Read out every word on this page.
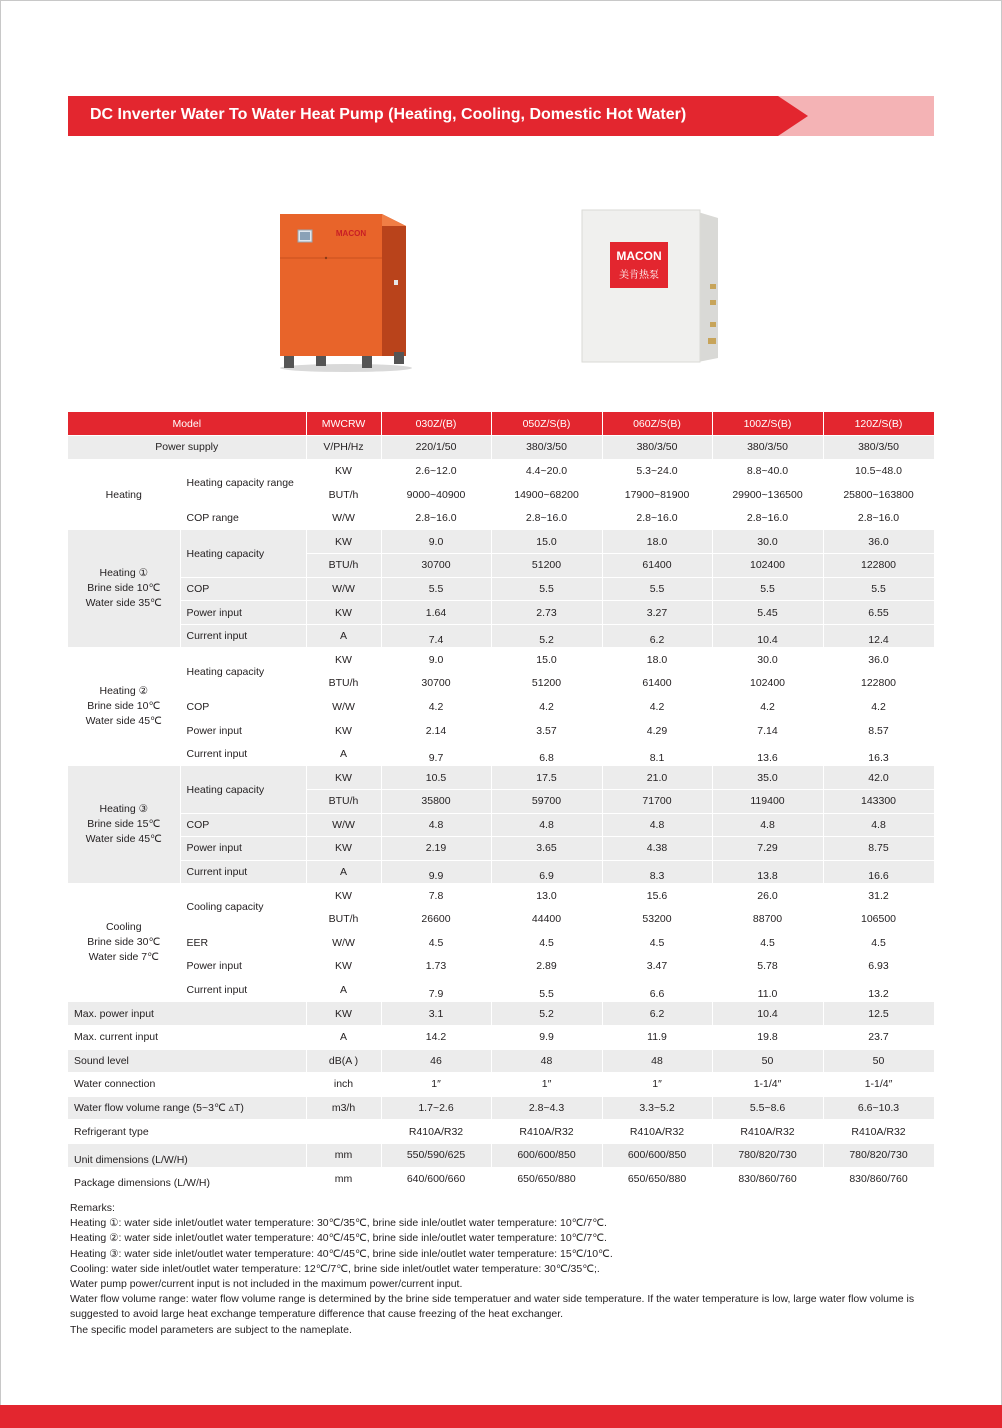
DC Inverter Water To Water Heat Pump (Heating, Cooling, Domestic Hot Water)
MACON
MACON
美肯热泵
Model		MWCRW	030Z/(B)	050Z/S(B)	060Z/S(B)	100Z/S(B)	120Z/S(B)
Power supply		V/PH/Hz	220/1/50	380/3/50	380/3/50	380/3/50	380/3/50
Heating	Heating capacity range	KW	2.6~12.0	4.4~20.0	5.3~24.0	8.8~40.0	10.5~48.0
		BUT/h	9000~40900	14900~68200	17900~81900	29900~136500	25800~163800
	COP range	W/W	2.8~16.0	2.8~16.0	2.8~16.0	2.8~16.0	2.8~16.0
Heating ①
Brine side 10℃
Water side 35℃	Heating capacity	KW	9.0	15.0	18.0	30.0	36.0
		BTU/h	30700	51200	61400	102400	122800
	COP	W/W	5.5	5.5	5.5	5.5	5.5
	Power input	KW	1.64	2.73	3.27	5.45	6.55
	Current input	A	7.4	5.2	6.2	10.4	12.4
Heating ②
Brine side 10℃
Water side 45℃	Heating capacity	KW	9.0	15.0	18.0	30.0	36.0
		BTU/h	30700	51200	61400	102400	122800
	COP	W/W	4.2	4.2	4.2	4.2	4.2
	Power input	KW	2.14	3.57	4.29	7.14	8.57
	Current input	A	9.7	6.8	8.1	13.6	16.3
Heating ③
Brine side 15℃
Water side 45℃	Heating capacity	KW	10.5	17.5	21.0	35.0	42.0
		BTU/h	35800	59700	71700	119400	143300
	COP	W/W	4.8	4.8	4.8	4.8	4.8
	Power input	KW	2.19	3.65	4.38	7.29	8.75
	Current input	A	9.9	6.9	8.3	13.8	16.6
Cooling
Brine side 30℃
Water side 7℃	Cooling capacity	KW	7.8	13.0	15.6	26.0	31.2
		BUT/h	26600	44400	53200	88700	106500
	EER	W/W	4.5	4.5	4.5	4.5	4.5
	Power input	KW	1.73	2.89	3.47	5.78	6.93
	Current input	A	7.9	5.5	6.6	11.0	13.2
Max. power input		KW	3.1	5.2	6.2	10.4	12.5
Max. current input		A	14.2	9.9	11.9	19.8	23.7
Sound level		dB(A )	46	48	48	50	50
Water connection		inch	1″	1″	1″	1-1/4″	1-1/4″
Water flow volume range (5~3℃ ▵T)		m3/h	1.7~2.6	2.8~4.3	3.3~5.2	5.5~8.6	6.6~10.3
Refrigerant type			R410A/R32	R410A/R32	R410A/R32	R410A/R32	R410A/R32
Unit dimensions (L/W/H)		mm	550/590/625	600/600/850	600/600/850	780/820/730	780/820/730
Package dimensions (L/W/H)		mm	640/600/660	650/650/880	650/650/880	830/860/760	830/860/760

Remarks:

Heating ①: water side inlet/outlet water temperature: 30℃/35℃, brine side inle/outlet water temperature: 10℃/7℃.

Heating ②: water side inlet/outlet water temperature: 40℃/45℃, brine side inle/outlet water temperature: 10℃/7℃.

Heating ③: water side inlet/outlet water temperature: 40℃/45℃, brine side inle/outlet water temperature: 15℃/10℃.

Cooling: water side inlet/outlet water temperature: 12℃/7℃, brine side inlet/outlet water temperature: 30℃/35℃;.

Water pump power/current input is not included in the maximum power/current input.

Water flow volume range: water flow volume range is determined by the brine side temperatuer and water side temperature. If the water temperature is low, large water flow volume is suggested to avoid large heat exchange temperature difference that cause freezing of the heat exchanger.

The specific model parameters are subject to the nameplate.
